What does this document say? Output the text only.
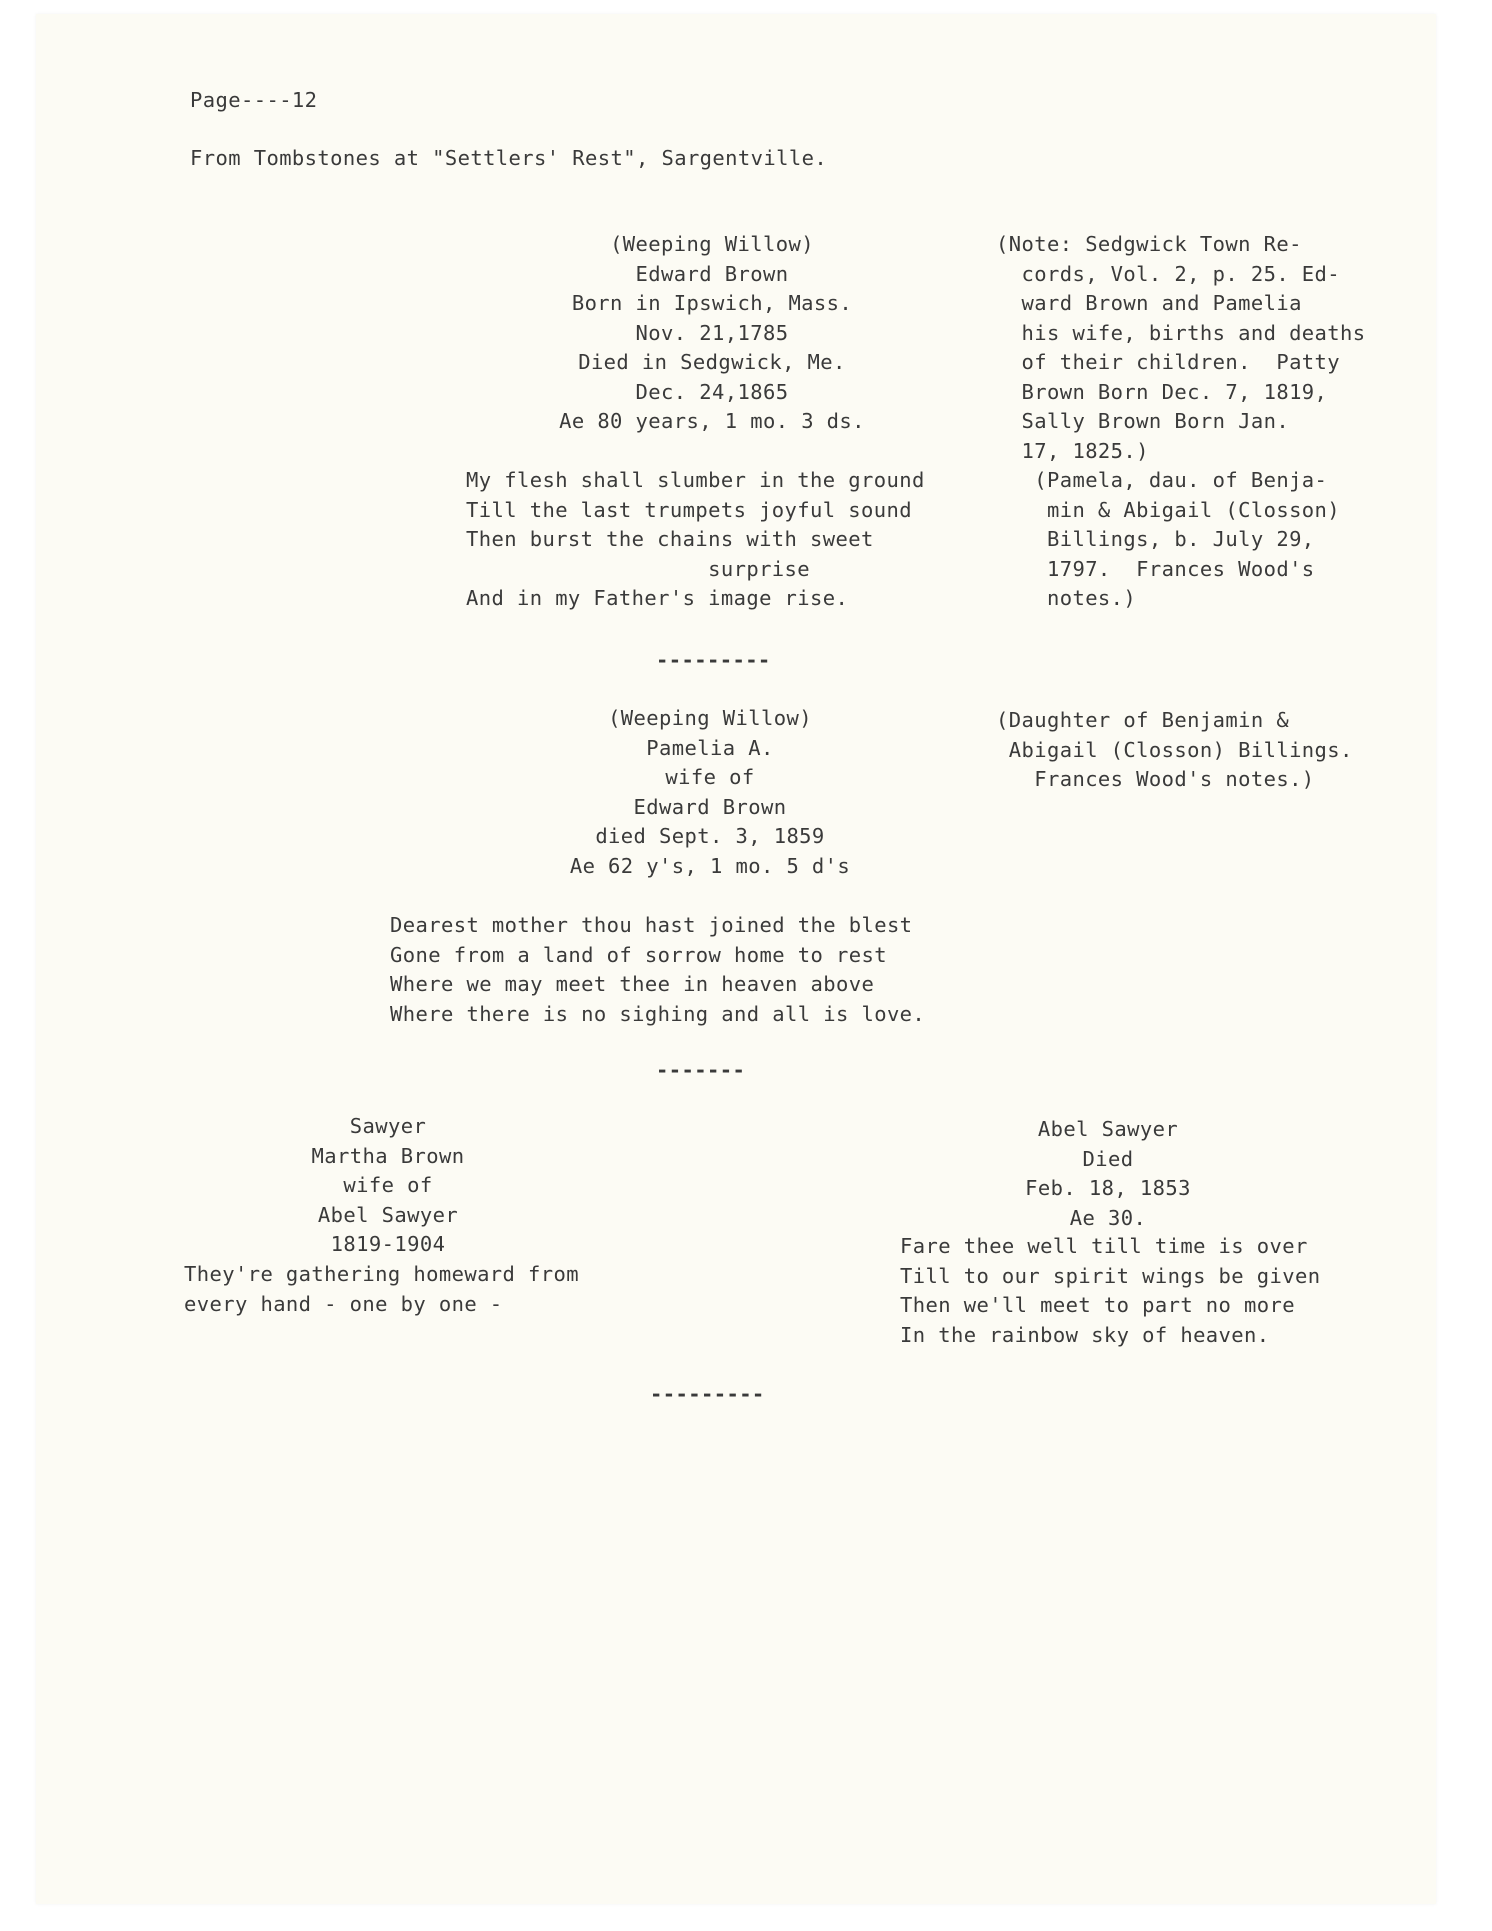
Page----12
From Tombstones at "Settlers' Rest", Sargentville.
(Weeping Willow)
Edward Brown
Born in Ipswich, Mass.
Nov. 21,1785
Died in Sedgwick, Me.
Dec. 24,1865
Ae 80 years, 1 mo. 3 ds.
My flesh shall slumber in the ground
Till the last trumpets joyful sound
Then burst the chains with sweet
surprise
And in my Father's image rise.
(Note: Sedgwick Town Re-
cords, Vol. 2, p. 25. Ed-
ward Brown and Pamelia
his wife, births and deaths
of their children.  Patty
Brown Born Dec. 7, 1819,
Sally Brown Born Jan.
17, 1825.)
(Pamela, dau. of Benja-
min & Abigail (Closson)
Billings, b. July 29,
1797.  Frances Wood's
notes.)
---------
(Weeping Willow)
Pamelia A.
wife of
Edward Brown
died Sept. 3, 1859
Ae 62 y's, 1 mo. 5 d's
Dearest mother thou hast joined the blest
Gone from a land of sorrow home to rest
Where we may meet thee in heaven above
Where there is no sighing and all is love.
(Daughter of Benjamin &
Abigail (Closson) Billings.
Frances Wood's notes.)
-------
Sawyer
Martha Brown
wife of
Abel Sawyer
1819-1904
They're gathering homeward from
every hand - one by one -
Abel Sawyer
Died
Feb. 18, 1853
Ae 30.
Fare thee well till time is over
Till to our spirit wings be given
Then we'll meet to part no more
In the rainbow sky of heaven.
---------
